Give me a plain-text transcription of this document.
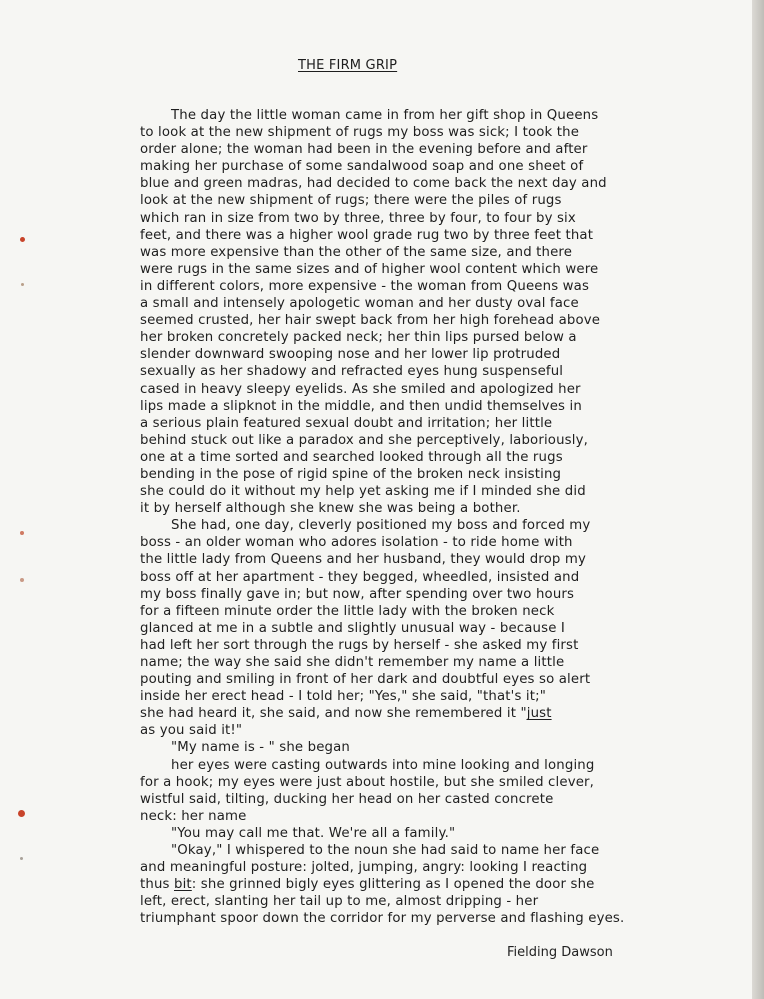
THE FIRM GRIP
The day the little woman came in from her gift shop in Queens
to look at the new shipment of rugs my boss was sick; I took the
order alone; the woman had been in the evening before and after
making her purchase of some sandalwood soap and one sheet of
blue and green madras, had decided to come back the next day and
look at the new shipment of rugs; there were the piles of rugs
which ran in size from two by three, three by four, to four by six
feet, and there was a higher wool grade rug two by three feet that
was more expensive than the other of the same size, and there
were rugs in the same sizes and of higher wool content which were
in different colors, more expensive - the woman from Queens was
a small and intensely apologetic woman and her dusty oval face
seemed crusted, her hair swept back from her high forehead above
her broken concretely packed neck; her thin lips pursed below a
slender downward swooping nose and her lower lip protruded
sexually as her shadowy and refracted eyes hung suspenseful
cased in heavy sleepy eyelids. As she smiled and apologized her
lips made a slipknot in the middle, and then undid themselves in
a serious plain featured sexual doubt and irritation; her little
behind stuck out like a paradox and she perceptively, laboriously,
one at a time sorted and searched looked through all the rugs
bending in the pose of rigid spine of the broken neck insisting
she could do it without my help yet asking me if I minded she did
it by herself although she knew she was being a bother.
She had, one day, cleverly positioned my boss and forced my
boss - an older woman who adores isolation - to ride home with
the little lady from Queens and her husband, they would drop my
boss off at her apartment - they begged, wheedled, insisted and
my boss finally gave in; but now, after spending over two hours
for a fifteen minute order the little lady with the broken neck
glanced at me in a subtle and slightly unusual way - because I
had left her sort through the rugs by herself - she asked my first
name; the way she said she didn't remember my name a little
pouting and smiling in front of her dark and doubtful eyes so alert
inside her erect head - I told her; "Yes," she said, "that's it;"
she had heard it, she said, and now she remembered it "just
as you said it!"
"My name is - " she began
her eyes were casting outwards into mine looking and longing
for a hook; my eyes were just about hostile, but she smiled clever,
wistful said, tilting, ducking her head on her casted concrete
neck: her name
"You may call me that. We're all a family."
"Okay," I whispered to the noun she had said to name her face
and meaningful posture: jolted, jumping, angry: looking I reacting
thus bit: she grinned bigly eyes glittering as I opened the door she
left, erect, slanting her tail up to me, almost dripping - her
triumphant spoor down the corridor for my perverse and flashing eyes.
Fielding Dawson
